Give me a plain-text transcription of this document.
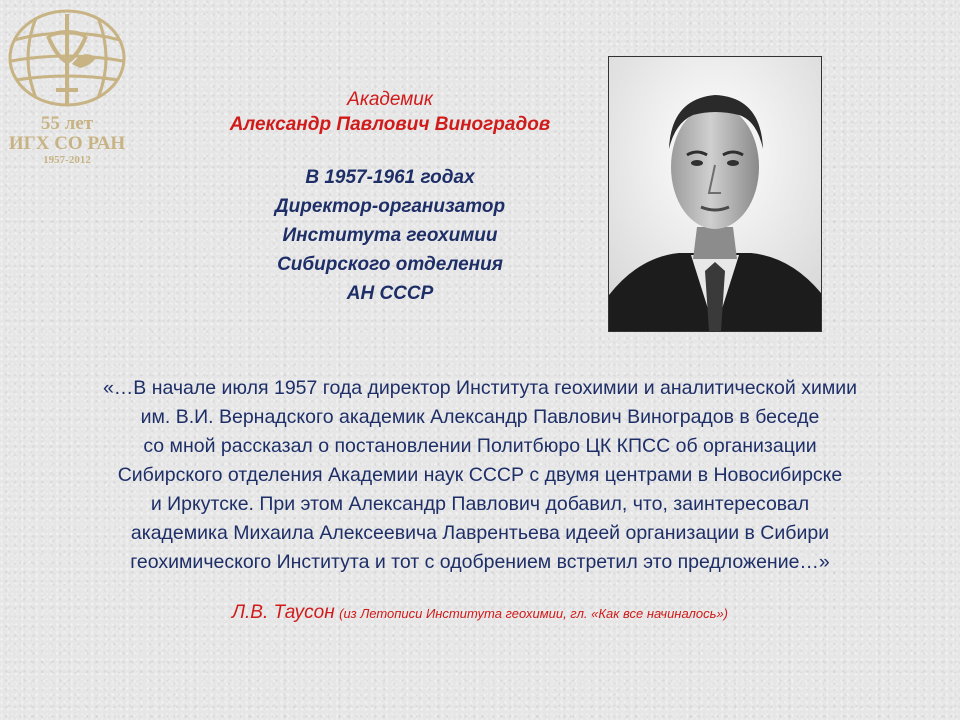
55 лет
ИГХ СО РАН
1957-2012
Академик
Александр Павлович Виноградов
В 1957-1961 годах
Директор-организатор
Института геохимии
Сибирского отделения
АН СССР
«…В начале июля 1957 года директор Института геохимии и аналитической химии
им. В.И. Вернадского академик Александр Павлович Виноградов в беседе
со мной рассказал о постановлении Политбюро ЦК КПСС об организации
Сибирского отделения Академии наук СССР с двумя центрами в Новосибирске
и Иркутске. При этом Александр Павлович добавил, что, заинтересовал
академика Михаила Алексеевича Лаврентьева идеей организации в Сибири
геохимического Института и тот с одобрением встретил это предложение…»
Л.В. Таусон (из Летописи Института геохимии, гл. «Как все начиналось»)
